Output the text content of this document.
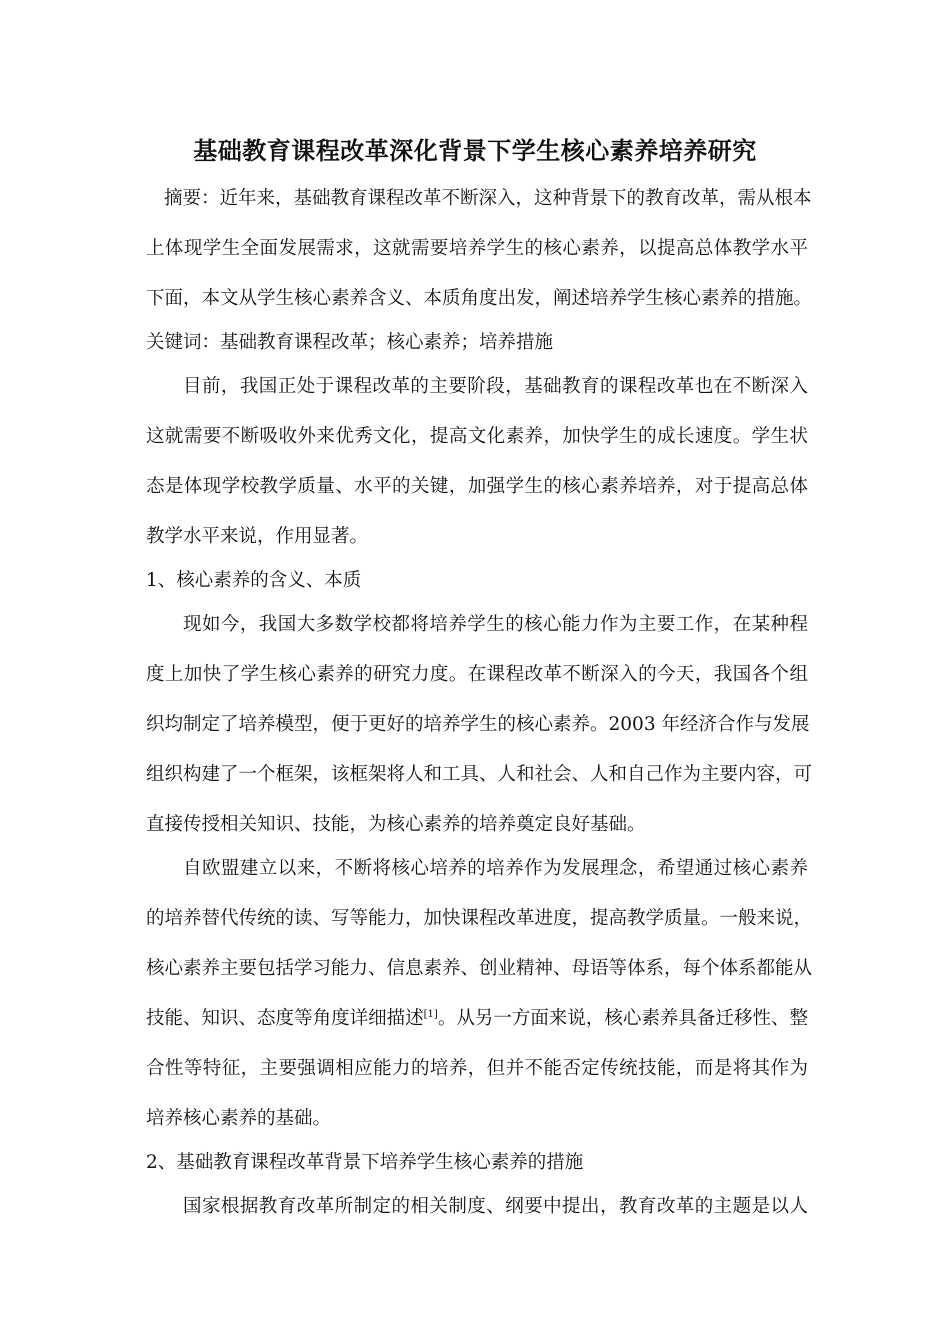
基础教育课程改革深化背景下学生核心素养培养研究
摘要：近年来，基础教育课程改革不断深入，这种背景下的教育改革，需从根本
上体现学生全面发展需求，这就需要培养学生的核心素养，以提高总体教学水平
下面，本文从学生核心素养含义、本质角度出发，阐述培养学生核心素养的措施。
关键词：基础教育课程改革；核心素养；培养措施
目前，我国正处于课程改革的主要阶段，基础教育的课程改革也在不断深入
这就需要不断吸收外来优秀文化，提高文化素养，加快学生的成长速度。学生状
态是体现学校教学质量、水平的关键，加强学生的核心素养培养，对于提高总体
教学水平来说，作用显著。
1、核心素养的含义、本质
现如今，我国大多数学校都将培养学生的核心能力作为主要工作，在某种程
度上加快了学生核心素养的研究力度。在课程改革不断深入的今天，我国各个组
织均制定了培养模型，便于更好的培养学生的核心素养。2003 年经济合作与发展
组织构建了一个框架，该框架将人和工具、人和社会、人和自己作为主要内容，可
直接传授相关知识、技能，为核心素养的培养奠定良好基础。
自欧盟建立以来，不断将核心培养的培养作为发展理念，希望通过核心素养
的培养替代传统的读、写等能力，加快课程改革进度，提高教学质量。一般来说，
核心素养主要包括学习能力、信息素养、创业精神、母语等体系，每个体系都能从
技能、知识、态度等角度详细描述[1]。从另一方面来说，核心素养具备迁移性、整
合性等特征，主要强调相应能力的培养，但并不能否定传统技能，而是将其作为
培养核心素养的基础。
2、基础教育课程改革背景下培养学生核心素养的措施
国家根据教育改革所制定的相关制度、纲要中提出，教育改革的主题是以人
